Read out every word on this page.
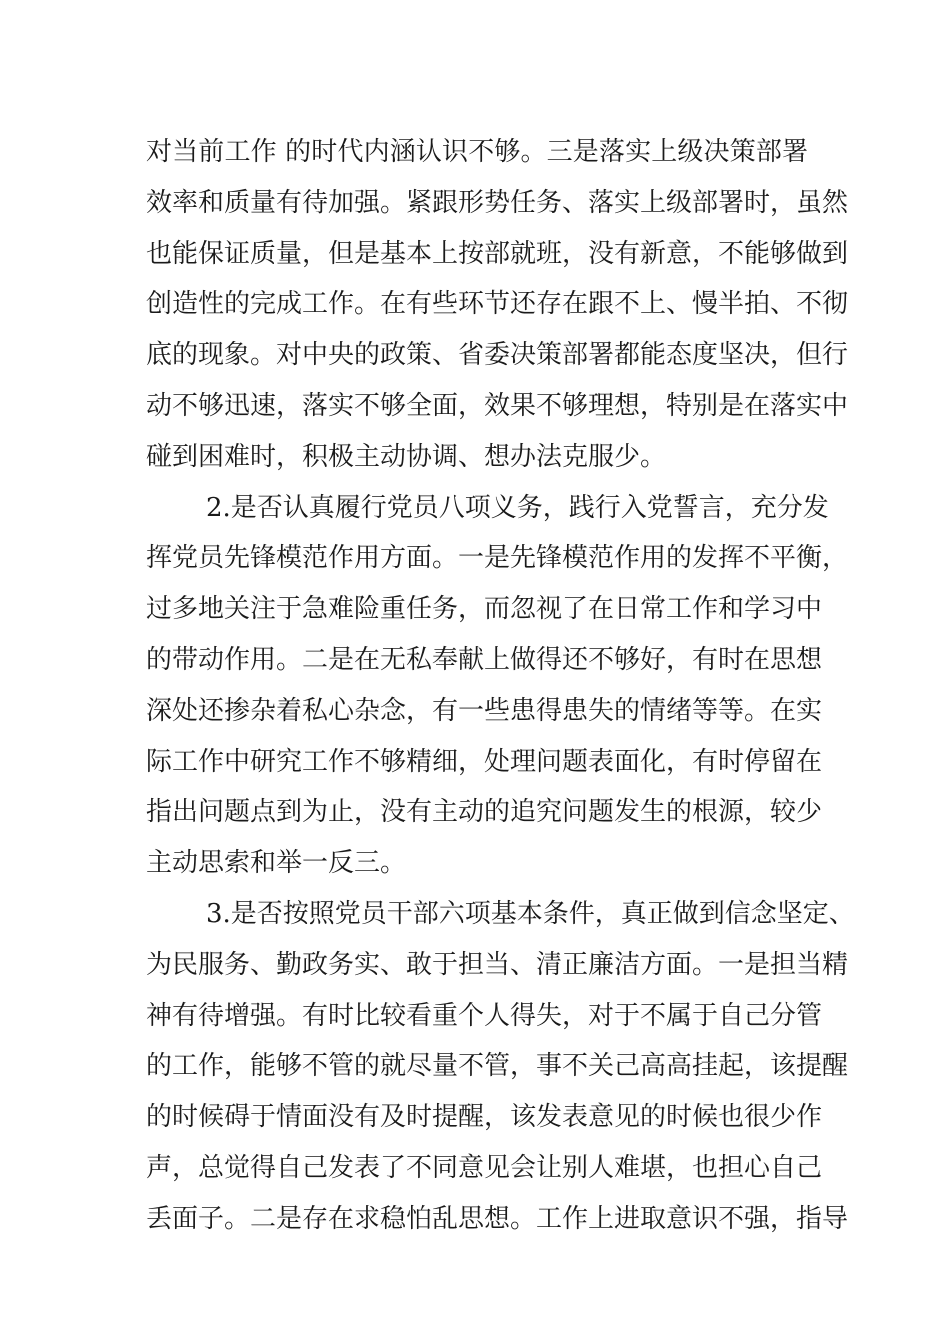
对当前工作 的时代内涵认识不够。三是落实上级决策部署
效率和质量有待加强。紧跟形势任务、落实上级部署时，虽然
也能保证质量，但是基本上按部就班，没有新意，不能够做到
创造性的完成工作。在有些环节还存在跟不上、慢半拍、不彻
底的现象。对中央的政策、省委决策部署都能态度坚决，但行
动不够迅速，落实不够全面，效果不够理想，特别是在落实中
碰到困难时，积极主动协调、想办法克服少。
2.是否认真履行党员八项义务，践行入党誓言，充分发
挥党员先锋模范作用方面。一是先锋模范作用的发挥不平衡，
过多地关注于急难险重任务，而忽视了在日常工作和学习中
的带动作用。二是在无私奉献上做得还不够好，有时在思想
深处还掺杂着私心杂念，有一些患得患失的情绪等等。在实
际工作中研究工作不够精细，处理问题表面化，有时停留在
指出问题点到为止，没有主动的追究问题发生的根源，较少
主动思索和举一反三。
3.是否按照党员干部六项基本条件，真正做到信念坚定、
为民服务、勤政务实、敢于担当、清正廉洁方面。一是担当精
神有待增强。有时比较看重个人得失，对于不属于自己分管
的工作，能够不管的就尽量不管，事不关己高高挂起，该提醒
的时候碍于情面没有及时提醒，该发表意见的时候也很少作
声，总觉得自己发表了不同意见会让别人难堪，也担心自己
丢面子。二是存在求稳怕乱思想。工作上进取意识不强，指导
